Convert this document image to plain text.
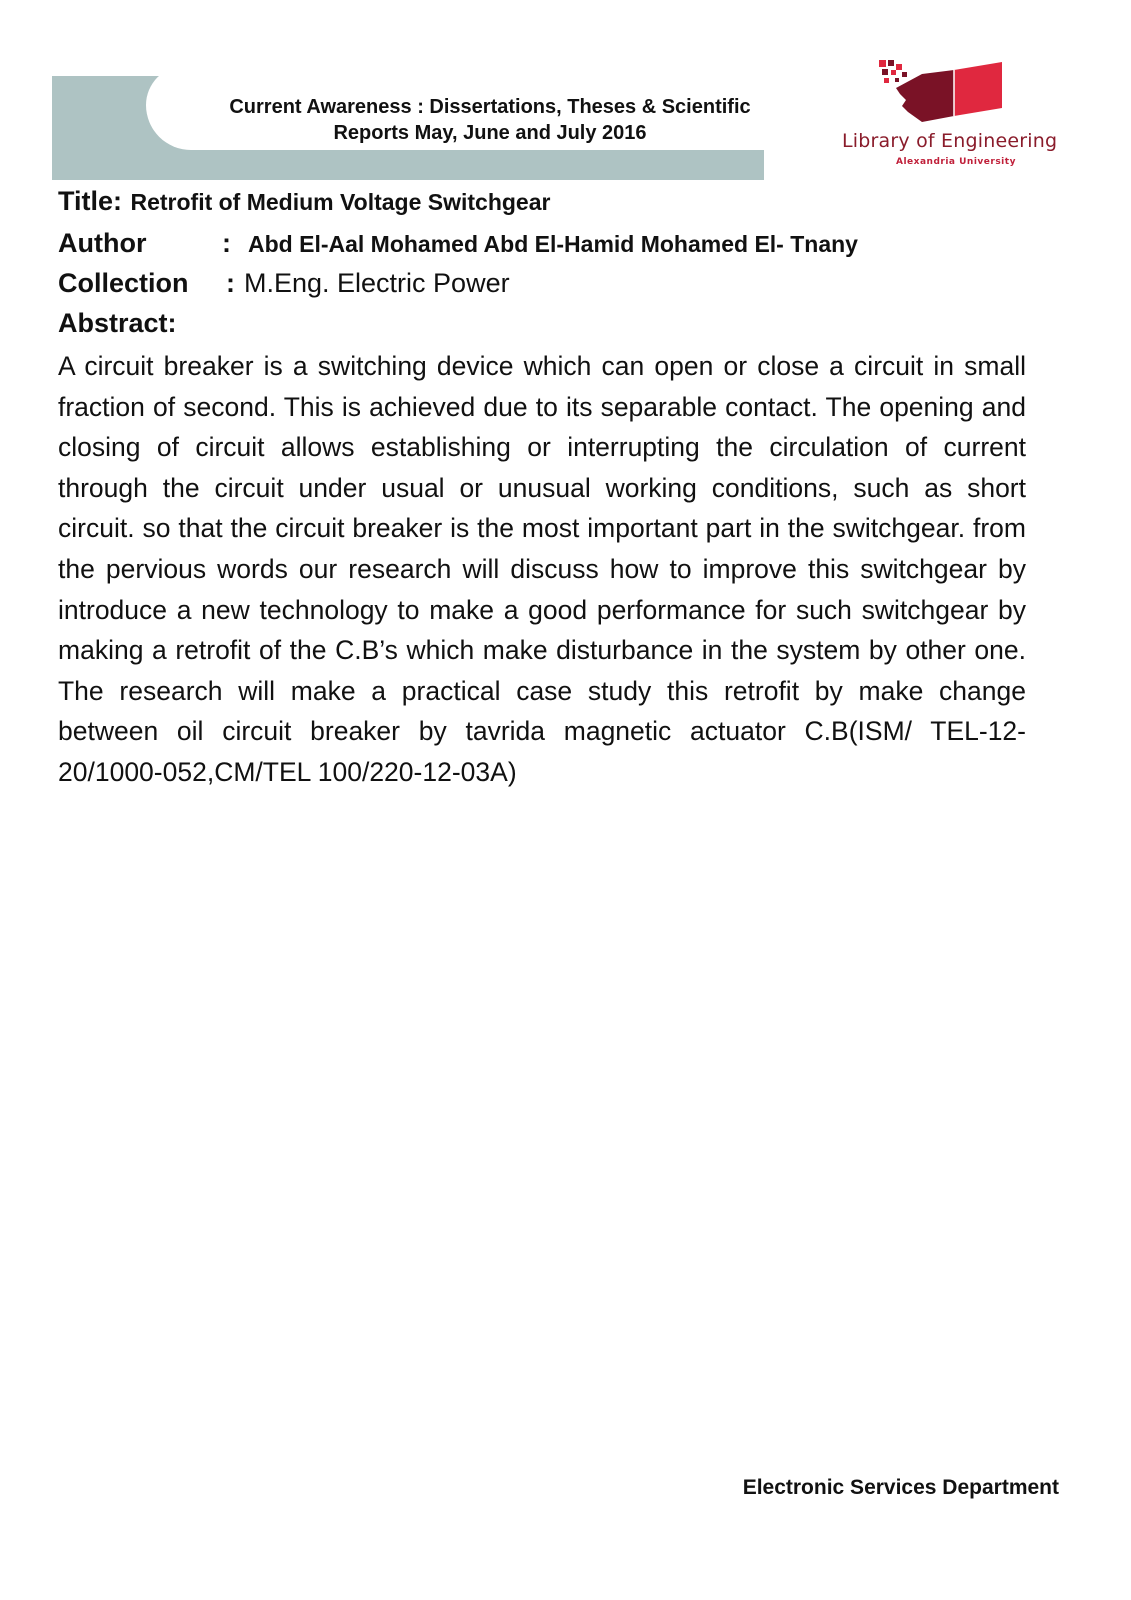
Current Awareness : Dissertations, Theses & Scientific
Reports May, June and July 2016	Library of Engineering
Alexandria University
Title: Retrofit of Medium Voltage Switchgear
Author	: Abd El-Aal Mohamed Abd El-Hamid Mohamed El- Tnany
Collection : M.Eng. Electric Power
Abstract:
A circuit breaker is a switching device which can open or close a circuit in small fraction of second. This is achieved due to its separable contact. The opening and closing of circuit allows establishing or interrupting the circulation of current through the circuit under usual or unusual working conditions, such as short circuit. so that the circuit breaker is the most important part in the switchgear. from the pervious words our research will discuss how to improve this switchgear by introduce a new technology to make a good performance for such switchgear by making a retrofit of the C.B’s which make disturbance in the system by other one. The research will make a practical case study this retrofit by make change between oil circuit breaker by tavrida magnetic actuator C.B(ISM/ TEL-12-20/1000-052,CM/TEL 100/220-12-03A)
Electronic Services Department
